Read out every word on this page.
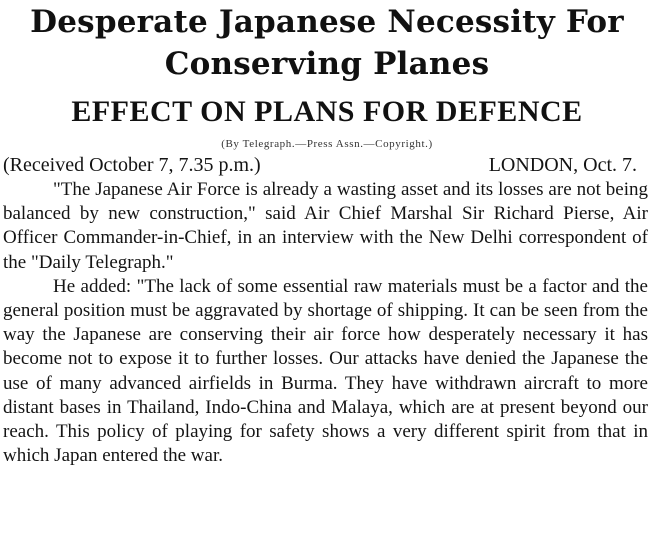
Desperate Japanese Necessity For
Conserving Planes
EFFECT ON PLANS FOR DEFENCE
(By Telegraph.—Press Assn.—Copyright.)
(Received October 7, 7.35 p.m.)	LONDON, Oct. 7.

"The Japanese Air Force is already a wasting asset and its losses are not being balanced by new construction," said Air Chief Marshal Sir Richard Pierse, Air Officer Commander-in-Chief, in an interview with the New Delhi correspondent of the "Daily Telegraph."

He added: "The lack of some essential raw materials must be a factor and the general position must be aggravated by shortage of shipping. It can be seen from the way the Japanese are conserving their air force how desperately necessary it has become not to expose it to further losses. Our attacks have denied the Japanese the use of many advanced airfields in Burma. They have withdrawn aircraft to more distant bases in Thailand, Indo-China and Malaya, which are at present beyond our reach. This policy of playing for safety shows a very different spirit from that in which Japan entered the war.
